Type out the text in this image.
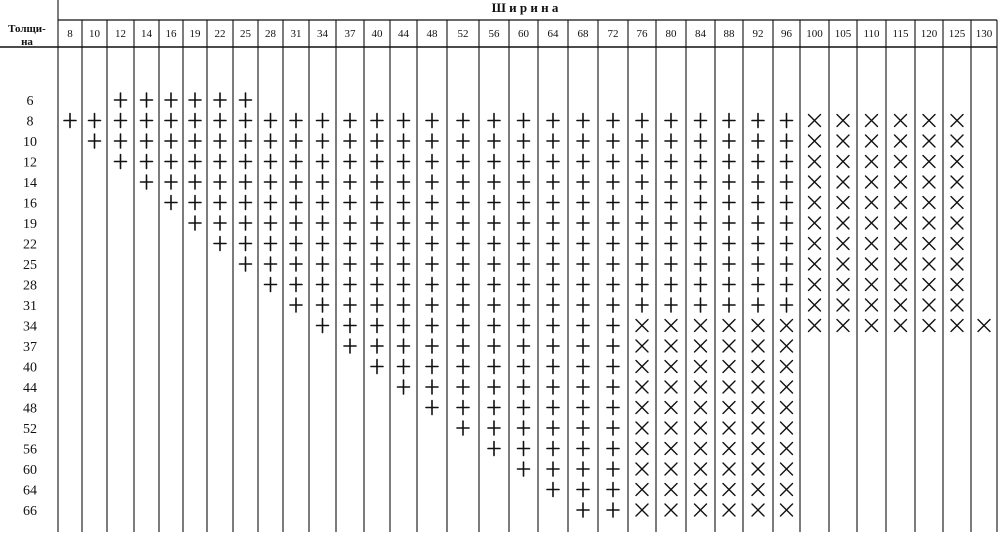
Ш и р и н а
Толщи-
на
8 10 12 14 16 19 22 25 28 31 34 37 40 44 48 52 56 60 64 68 72 76 80 84 88 92 96 100 105 110 115 120 125 130
6
8
10
12
14
16
19
22
25
28
31
34
37
40
44
48
52
56
60
64
66
